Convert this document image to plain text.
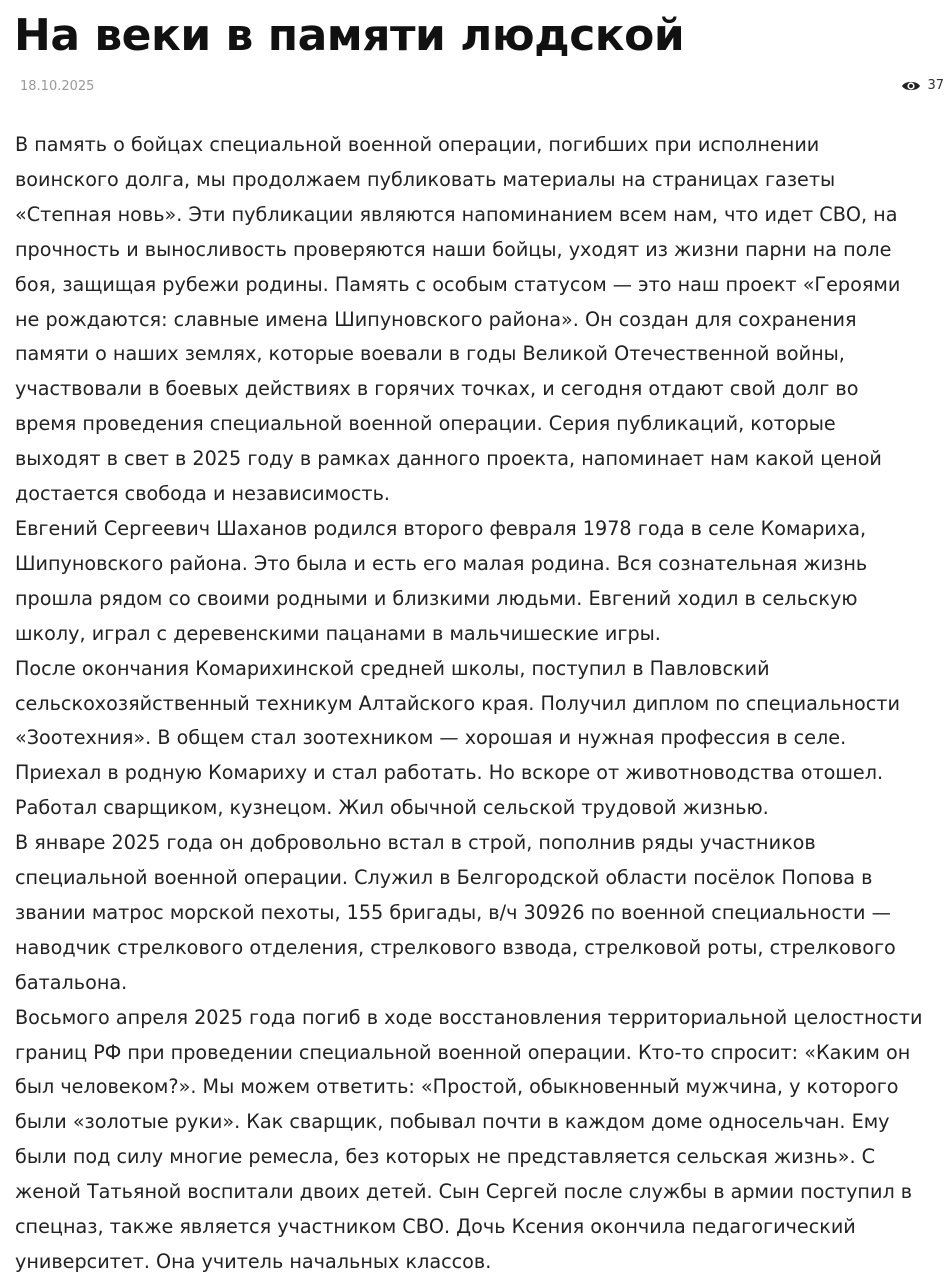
На веки в памяти людской
18.10.2025	37

В память о бойцах специальной военной операции, погибших при исполнении

воинского долга, мы продолжаем публиковать материалы на страницах газеты

«Степная новь». Эти публикации являются напоминанием всем нам, что идет СВО, на

прочность и выносливость проверяются наши бойцы, уходят из жизни парни на поле

боя, защищая рубежи родины. Память с особым статусом — это наш проект «Героями

не рождаются: славные имена Шипуновского района». Он создан для сохранения

памяти о наших землях, которые воевали в годы Великой Отечественной войны,

участвовали в боевых действиях в горячих точках, и сегодня отдают свой долг во

время проведения специальной военной операции. Серия публикаций, которые

выходят в свет в 2025 году в рамках данного проекта, напоминает нам какой ценой

достается свобода и независимость.

Евгений Сергеевич Шаханов родился второго февраля 1978 года в селе Комариха,

Шипуновского района. Это была и есть его малая родина. Вся сознательная жизнь

прошла рядом со своими родными и близкими людьми. Евгений ходил в сельскую

школу, играл с деревенскими пацанами в мальчишеские игры.

После окончания Комарихинской средней школы, поступил в Павловский

сельскохозяйственный техникум Алтайского края. Получил диплом по специальности

«Зоотехния». В общем стал зоотехником — хорошая и нужная профессия в селе.

Приехал в родную Комариху и стал работать. Но вскоре от животноводства отошел.

Работал сварщиком, кузнецом. Жил обычной сельской трудовой жизнью.

В январе 2025 года он добровольно встал в строй, пополнив ряды участников

специальной военной операции. Служил в Белгородской области посёлок Попова в

звании матрос морской пехоты, 155 бригады, в/ч 30926 по военной специальности —

наводчик стрелкового отделения, стрелкового взвода, стрелковой роты, стрелкового

батальона.

Восьмого апреля 2025 года погиб в ходе восстановления территориальной целостности

границ РФ при проведении специальной военной операции. Кто-то спросит: «Каким он

был человеком?». Мы можем ответить: «Простой, обыкновенный мужчина, у которого

были «золотые руки». Как сварщик, побывал почти в каждом доме односельчан. Ему

были под силу многие ремесла, без которых не представляется сельская жизнь». С

женой Татьяной воспитали двоих детей. Сын Сергей после службы в армии поступил в

спецназ, также является участником СВО. Дочь Ксения окончила педагогический

университет. Она учитель начальных классов.
